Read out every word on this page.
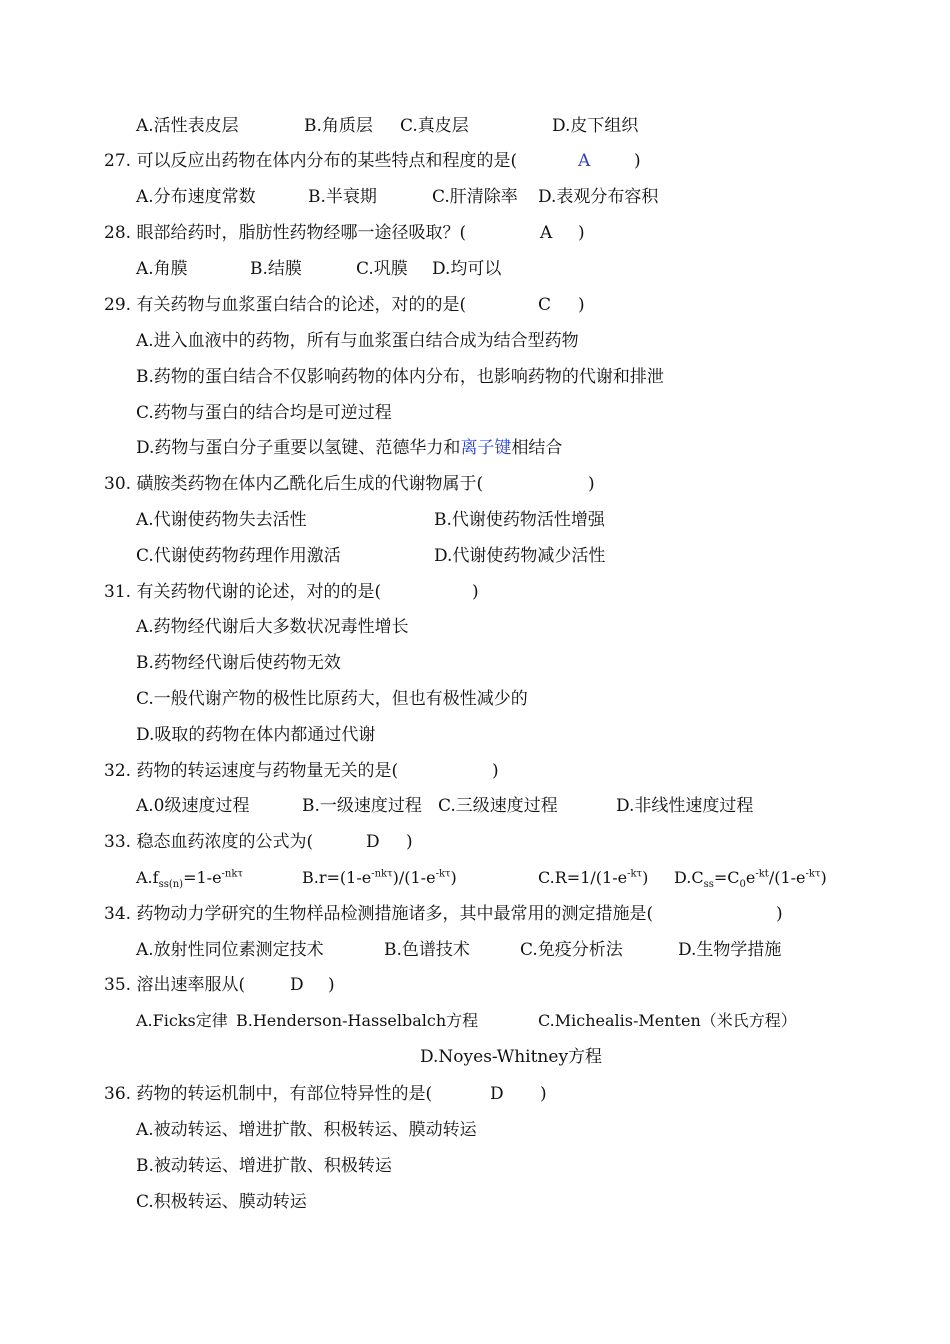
A.活性表皮层	B.角质层 C.真皮层	D.皮下组织
27. 可以反应出药物在体内分布的某些特点和程度的是(	A	)
A.分布速度常数	B.半衰期	C.肝清除率 D.表观分布容积
28. 眼部给药时，脂肪性药物经哪一途径吸取？(	A )
A.角膜	B.结膜	C.巩膜 D.均可以
29. 有关药物与血浆蛋白结合的论述，对的的是(	C )
A.进入血液中的药物，所有与血浆蛋白结合成为结合型药物
B.药物的蛋白结合不仅影响药物的体内分布，也影响药物的代谢和排泄
C.药物与蛋白的结合均是可逆过程
D.药物与蛋白分子重要以氢键、范德华力和离子键相结合
30. 磺胺类药物在体内乙酰化后生成的代谢物属于(	)
A.代谢使药物失去活性	B.代谢使药物活性增强
C.代谢使药物药理作用激活	D.代谢使药物减少活性
31. 有关药物代谢的论述，对的的是(	)
A.药物经代谢后大多数状况毒性增长
B.药物经代谢后使药物无效
C.一般代谢产物的极性比原药大，但也有极性减少的
D.吸取的药物在体内都通过代谢
32. 药物的转运速度与药物量无关的是(	)
A.0级速度过程	B.一级速度过程 C.三级速度过程	D.非线性速度过程
33. 稳态血药浓度的公式为(	D )
$A.f_{ss(n)}=1-e^{-nk\tau}$	$B.r=(1-e^{-nk\tau})/(1-e^{-k\tau})$	$C.R=1/(1-e^{-k\tau})$ $D.C_{ss}=C_0e^{-kt}/(1-e^{-k\tau})$
34. 药物动力学研究的生物样品检测措施诸多，其中最常用的测定措施是(	)
A.放射性同位素测定技术	B.色谱技术	C.免疫分析法	D.生物学措施
35. 溶出速率服从(	D )
A.Ficks定律 B.Henderson-Hasselbalch方程	C.Michealis-Menten（米氏方程）
D.Noyes-Whitney方程
36. 药物的转运机制中，有部位特异性的是(	D )
A.被动转运、增进扩散、积极转运、膜动转运
B.被动转运、增进扩散、积极转运
C.积极转运、膜动转运
